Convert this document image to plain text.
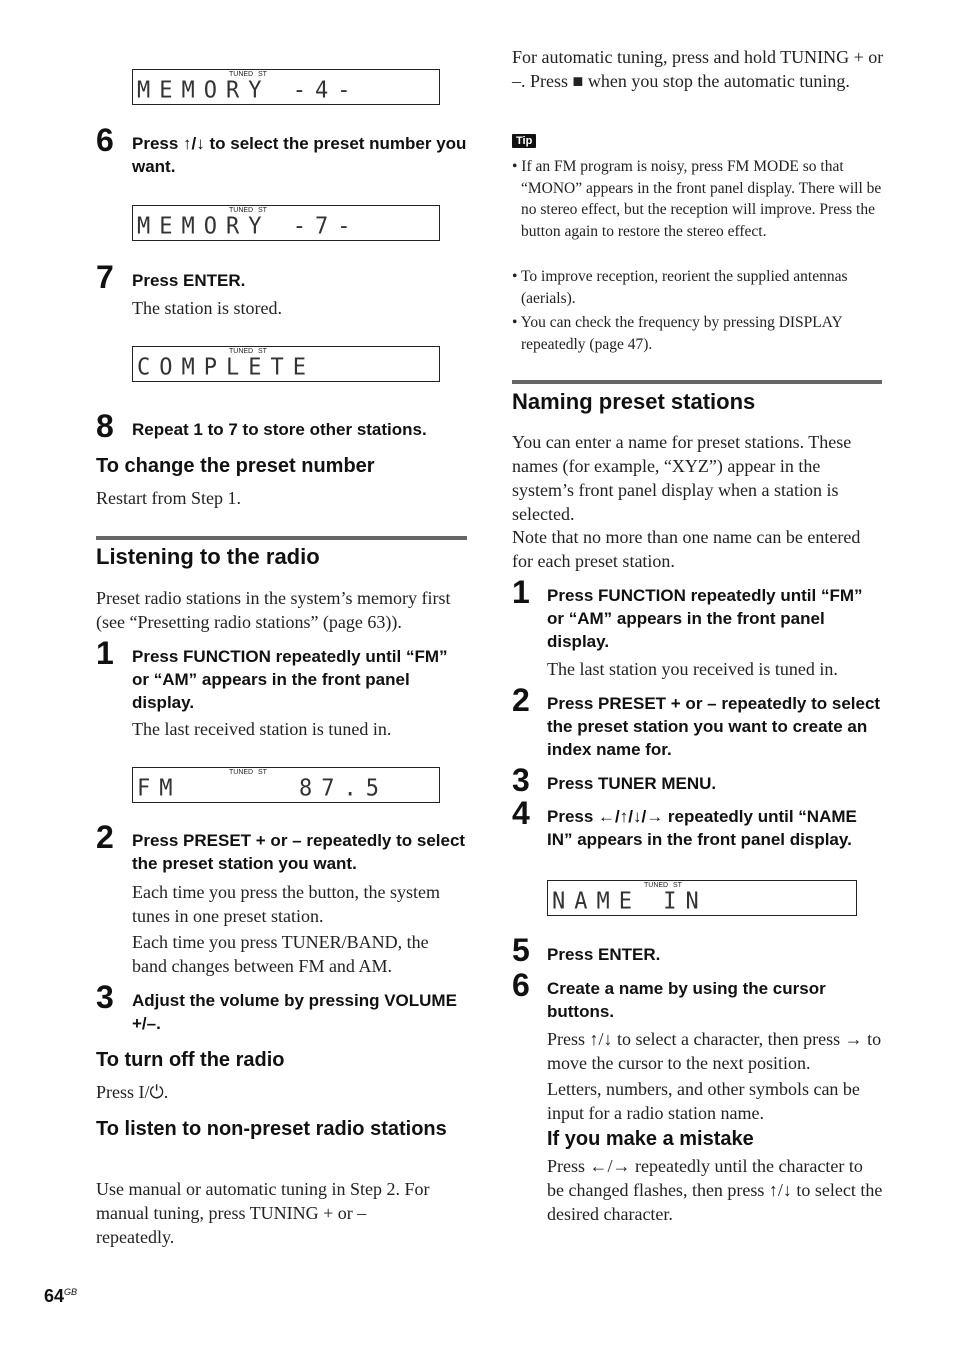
TUNED ST
MEMORY -4-
6 Press ↑/↓ to select the preset number you want.
TUNED ST
MEMORY -7-
7 Press ENTER.
The station is stored.
TUNED ST
COMPLETE
8 Repeat 1 to 7 to store other stations.
To change the preset number
Restart from Step 1.
Listening to the radio
Preset radio stations in the system’s memory first (see “Presetting radio stations” (page 63)).
1 Press FUNCTION repeatedly until “FM” or “AM” appears in the front panel display.
The last received station is tuned in.
TUNED ST
FM	87.5
2 Press PRESET + or – repeatedly to select the preset station you want.
Each time you press the button, the system tunes in one preset station.
Each time you press TUNER/BAND, the band changes between FM and AM.
3 Adjust the volume by pressing VOLUME +/–.
To turn off the radio
Press I/⏻.
To listen to non-preset radio stations
Use manual or automatic tuning in Step 2. For manual tuning, press TUNING + or – repeatedly.
For automatic tuning, press and hold TUNING + or –. Press ■ when you stop the automatic tuning.
Tip
• If an FM program is noisy, press FM MODE so that “MONO” appears in the front panel display. There will be no stereo effect, but the reception will improve. Press the button again to restore the stereo effect.
• To improve reception, reorient the supplied antennas (aerials).
• You can check the frequency by pressing DISPLAY repeatedly (page 47).
Naming preset stations
You can enter a name for preset stations. These names (for example, “XYZ”) appear in the system’s front panel display when a station is selected.
Note that no more than one name can be entered for each preset station.
1 Press FUNCTION repeatedly until “FM” or “AM” appears in the front panel display.
The last station you received is tuned in.
2 Press PRESET + or – repeatedly to select the preset station you want to create an index name for.
3 Press TUNER MENU.
4 Press ←/↑/↓/→ repeatedly until “NAME IN” appears in the front panel display.
TUNED ST
NAME IN
5 Press ENTER.
6 Create a name by using the cursor buttons.
Press ↑/↓ to select a character, then press → to move the cursor to the next position.
Letters, numbers, and other symbols can be input for a radio station name.
If you make a mistake
Press ←/→ repeatedly until the character to be changed flashes, then press ↑/↓ to select the desired character.
$64^{GB}$
